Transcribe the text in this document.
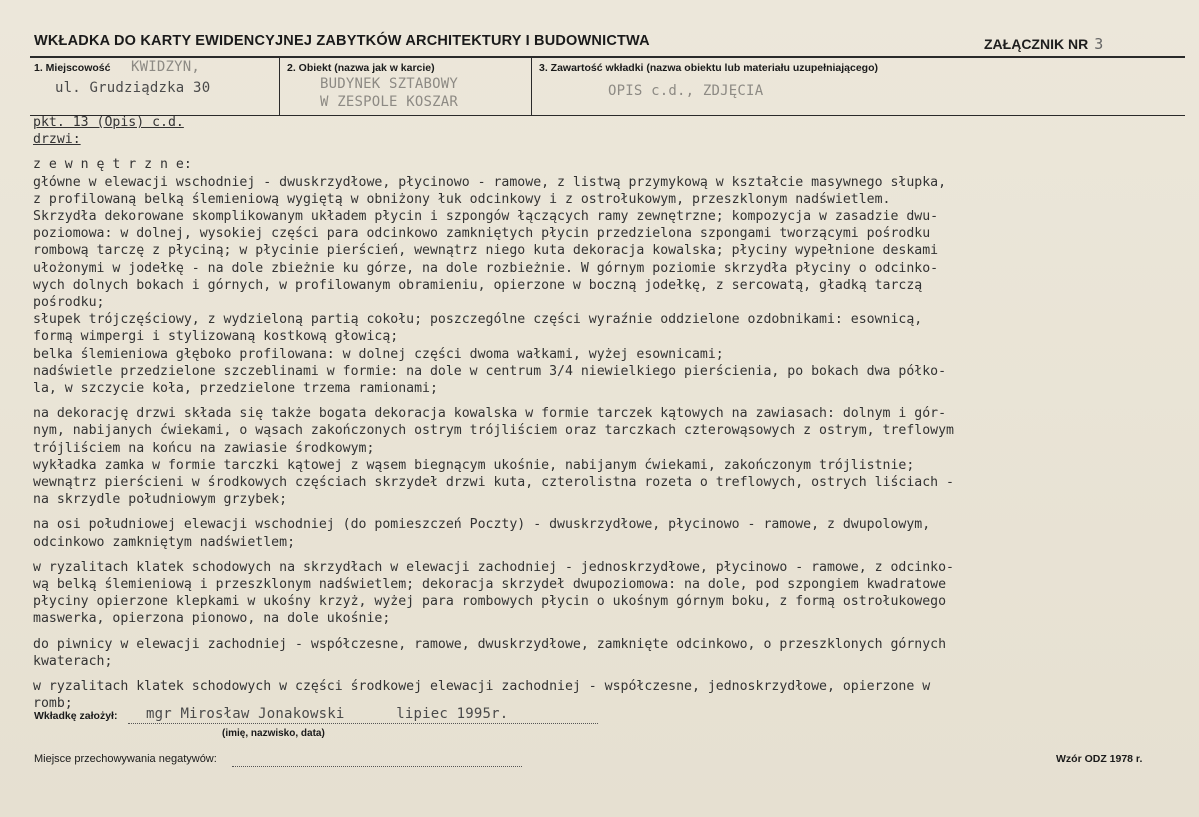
WKŁADKA DO KARTY EWIDENCYJNEJ ZABYTKÓW ARCHITEKTURY I BUDOWNICTWA	ZAŁĄCZNIK NR 3
1. Miejscowość KWIDZYN,
ul. Grudziądzka 30
2. Obiekt (nazwa jak w karcie)
BUDYNEK SZTABOWY
W ZESPOLE KOSZAR
3. Zawartość wkładki (nazwa obiektu lub materiału uzupełniającego)
OPIS c.d., ZDJĘCIA
pkt. 13 (Opis) c.d.
drzwi:
z e w n ę t r z n e:
główne w elewacji wschodniej - dwuskrzydłowe, płycinowo - ramowe, z listwą przymykową w kształcie masywnego słupka,
z profilowaną belką ślemieniową wygiętą w obniżony łuk odcinkowy i z ostrołukowym, przeszklonym nadświetlem.
Skrzydła dekorowane skomplikowanym układem płycin i szpongów łączących ramy zewnętrzne; kompozycja w zasadzie dwu-
poziomowa: w dolnej, wysokiej części para odcinkowo zamkniętych płycin przedzielona szpongami tworzącymi pośrodku
rombową tarczę z płyciną; w płycinie pierścień, wewnątrz niego kuta dekoracja kowalska; płyciny wypełnione deskami
ułożonymi w jodełkę - na dole zbieżnie ku górze, na dole rozbieżnie. W górnym poziomie skrzydła płyciny o odcinko-
wych dolnych bokach i górnych, w profilowanym obramieniu, opierzone w boczną jodełkę, z sercowatą, gładką tarczą
pośrodku;
słupek trójczęściowy, z wydzieloną partią cokołu; poszczególne części wyraźnie oddzielone ozdobnikami: esownicą,
formą wimpergi i stylizowaną kostkową głowicą;
belka ślemieniowa głęboko profilowana: w dolnej części dwoma wałkami, wyżej esownicami;
nadświetle przedzielone szczeblinami w formie: na dole w centrum 3/4 niewielkiego pierścienia, po bokach dwa półko-
la, w szczycie koła, przedzielone trzema ramionami;
na dekorację drzwi składa się także bogata dekoracja kowalska w formie tarczek kątowych na zawiasach: dolnym i gór-
nym, nabijanych ćwiekami, o wąsach zakończonych ostrym trójliściem oraz tarczkach czterowąsowych z ostrym, treflowym
trójliściem na końcu na zawiasie środkowym;
wykładka zamka w formie tarczki kątowej z wąsem biegnącym ukośnie, nabijanym ćwiekami, zakończonym trójlistnie;
wewnątrz pierścieni w środkowych częściach skrzydeł drzwi kuta, czterolistna rozeta o treflowych, ostrych liściach -
na skrzydle południowym grzybek;
na osi południowej elewacji wschodniej (do pomieszczeń Poczty) - dwuskrzydłowe, płycinowo - ramowe, z dwupolowym,
odcinkowo zamkniętym nadświetlem;
w ryzalitach klatek schodowych na skrzydłach w elewacji zachodniej - jednoskrzydłowe, płycinowo - ramowe, z odcinko-
wą belką ślemieniową i przeszklonym nadświetlem; dekoracja skrzydeł dwupoziomowa: na dole, pod szpongiem kwadratowe
płyciny opierzone klepkami w ukośny krzyż, wyżej para rombowych płycin o ukośnym górnym boku, z formą ostrołukowego
maswerka, opierzona pionowo, na dole ukośnie;
do piwnicy w elewacji zachodniej - współczesne, ramowe, dwuskrzydłowe, zamknięte odcinkowo, o przeszklonych górnych
kwaterach;
w ryzalitach klatek schodowych w części środkowej elewacji zachodniej - współczesne, jednoskrzydłowe, opierzone w
romb;
Wkładkę założył: mgr Mirosław Jonakowski      lipiec 1995r.
(imię, nazwisko, data)
Miejsce przechowywania negatywów:	Wzór ODZ 1978 r.
